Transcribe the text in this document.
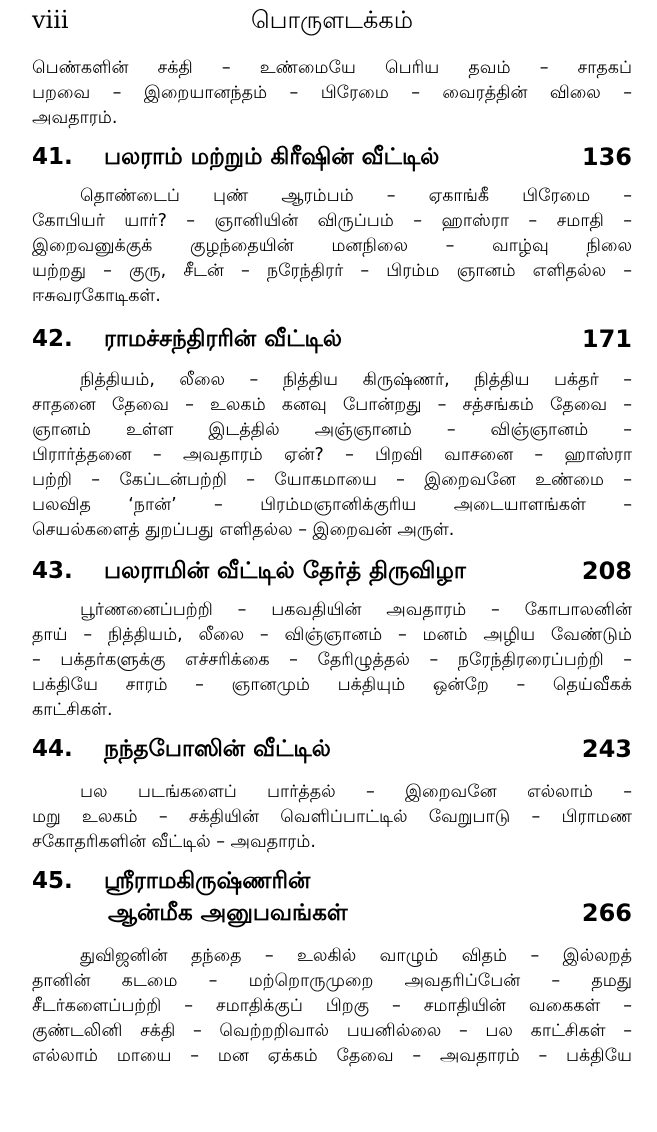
viii	பொருளடக்கம்
பெண்களின் சக்தி – உண்மையே பெரிய தவம் – சாதகப்
பறவை – இறையானந்தம் – பிரேமை – வைரத்தின் விலை –
அவதாரம்.
41. பலராம் மற்றும் கிரீஷின் வீட்டில்	136
தொண்டைப் புண் ஆரம்பம் – ஏகாங்கீ பிரேமை –
கோபியர் யார்? – ஞானியின் விருப்பம் – ஹாஸ்ரா – சமாதி –
இறைவனுக்குக் குழந்தையின் மனநிலை – வாழ்வு நிலை
யற்றது – குரு, சீடன் – நரேந்திரர் – பிரம்ம ஞானம் எளிதல்ல –
ஈசுவரகோடிகள்.
42. ராமச்சந்திரரின் வீட்டில்	171
நித்தியம், லீலை – நித்திய கிருஷ்ணர், நித்திய பக்தர் –
சாதனை தேவை – உலகம் கனவு போன்றது – சத்சங்கம் தேவை –
ஞானம் உள்ள இடத்தில் அஞ்ஞானம் – விஞ்ஞானம் –
பிரார்த்தனை – அவதாரம் ஏன்? – பிறவி வாசனை – ஹாஸ்ரா
பற்றி – கேப்டன்பற்றி – யோகமாயை – இறைவனே உண்மை –
பலவித ‘நான்’ – பிரம்மஞானிக்குரிய அடையாளங்கள் –
செயல்களைத் துறப்பது எளிதல்ல – இறைவன் அருள்.
43. பலராமின் வீட்டில் தேர்த் திருவிழா	208
பூர்ணனைப்பற்றி – பகவதியின் அவதாரம் – கோபாலனின்
தாய் – நித்தியம், லீலை – விஞ்ஞானம் – மனம் அழிய வேண்டும்
– பக்தர்களுக்கு எச்சரிக்கை – தேரிழுத்தல் – நரேந்திரரைப்பற்றி –
பக்தியே சாரம் – ஞானமும் பக்தியும் ஒன்றே – தெய்வீகக்
காட்சிகள்.
44. நந்தபோஸின் வீட்டில்	243
பல படங்களைப் பார்த்தல் – இறைவனே எல்லாம் –
மறு உலகம் – சக்தியின் வெளிப்பாட்டில் வேறுபாடு – பிராமண
சகோதரிகளின் வீட்டில் – அவதாரம்.
45. ஸ்ரீராமகிருஷ்ணரின்
ஆன்மீக அனுபவங்கள்	266
துவிஜனின் தந்தை – உலகில் வாழும் விதம் – இல்லறத்
தானின் கடமை – மற்றொருமுறை அவதரிப்பேன் – தமது
சீடர்களைப்பற்றி – சமாதிக்குப் பிறகு – சமாதியின் வகைகள் –
குண்டலினி சக்தி – வெற்றறிவால் பயனில்லை – பல காட்சிகள் –
எல்லாம் மாயை – மன ஏக்கம் தேவை – அவதாரம் – பக்தியே
